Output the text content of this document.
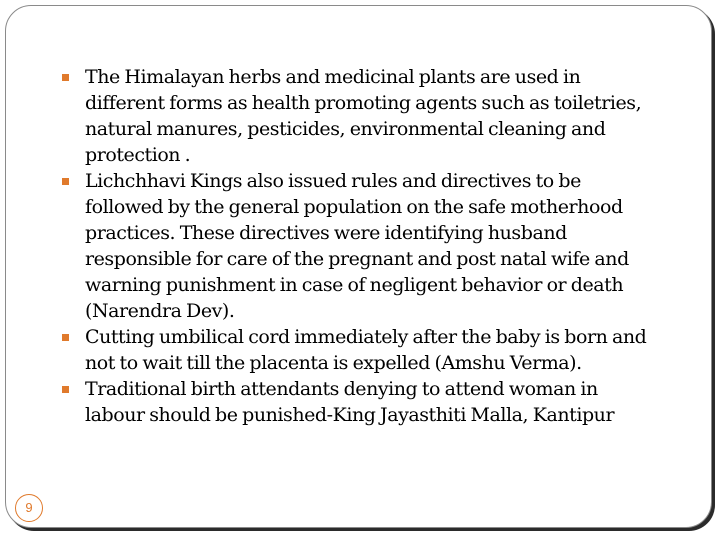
The Himalayan herbs and medicinal plants are used in different forms as health promoting agents such as toiletries, natural manures, pesticides, environmental cleaning and protection .
Lichchhavi Kings also issued rules and directives to be followed by the general population on the safe motherhood practices. These directives were identifying husband responsible for care of the pregnant and post natal wife and warning punishment in case of negligent behavior or death (Narendra Dev).
Cutting umbilical cord immediately after the baby is born and not to wait till the placenta is expelled (Amshu Verma).
Traditional birth attendants denying to attend woman in labour should be punished-King Jayasthiti Malla, Kantipur
9
